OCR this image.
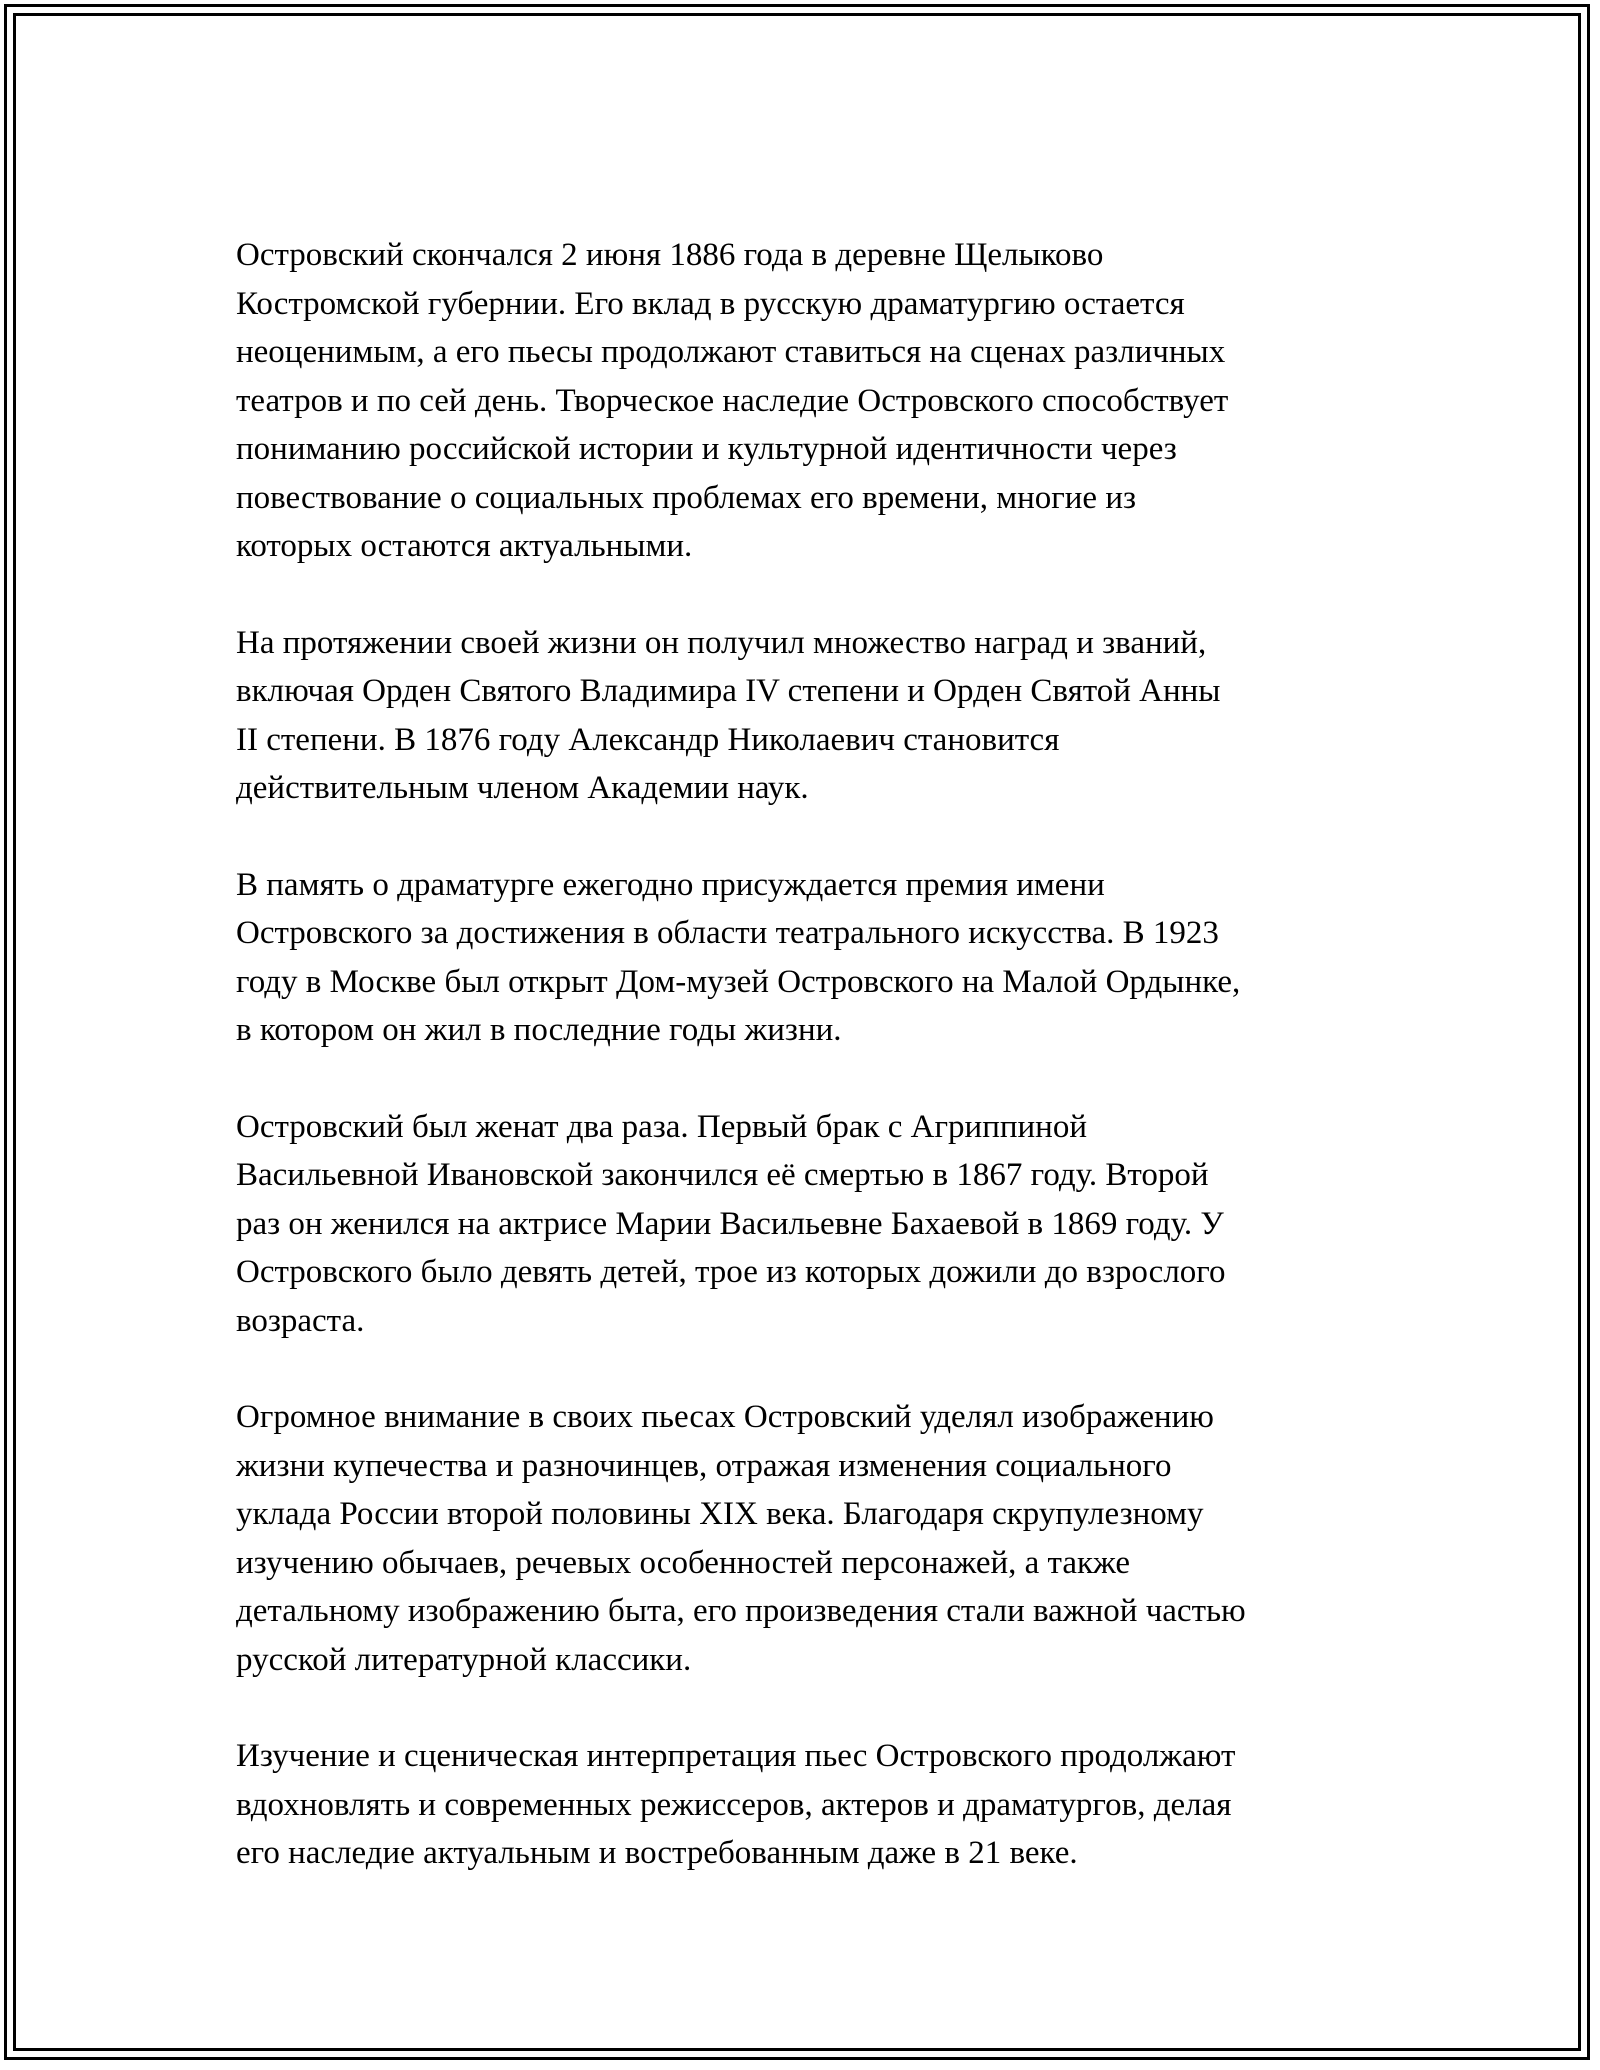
Островский скончался 2 июня 1886 года в деревне Щелыково
Костромской губернии. Его вклад в русскую драматургию остается
неоценимым, а его пьесы продолжают ставиться на сценах различных
театров и по сей день. Творческое наследие Островского способствует
пониманию российской истории и культурной идентичности через
повествование о социальных проблемах его времени, многие из
которых остаются актуальными.

На протяжении своей жизни он получил множество наград и званий,
включая Орден Святого Владимира IV степени и Орден Святой Анны
II степени. В 1876 году Александр Николаевич становится
действительным членом Академии наук.

В память о драматурге ежегодно присуждается премия имени
Островского за достижения в области театрального искусства. В 1923
году в Москве был открыт Дом-музей Островского на Малой Ордынке,
в котором он жил в последние годы жизни.

Островский был женат два раза. Первый брак с Агриппиной
Васильевной Ивановской закончился её смертью в 1867 году. Второй
раз он женился на актрисе Марии Васильевне Бахаевой в 1869 году. У
Островского было девять детей, трое из которых дожили до взрослого
возраста.

Огромное внимание в своих пьесах Островский уделял изображению
жизни купечества и разночинцев, отражая изменения социального
уклада России второй половины XIX века. Благодаря скрупулезному
изучению обычаев, речевых особенностей персонажей, а также
детальному изображению быта, его произведения стали важной частью
русской литературной классики.

Изучение и сценическая интерпретация пьес Островского продолжают
вдохновлять и современных режиссеров, актеров и драматургов, делая
его наследие актуальным и востребованным даже в 21 веке.
